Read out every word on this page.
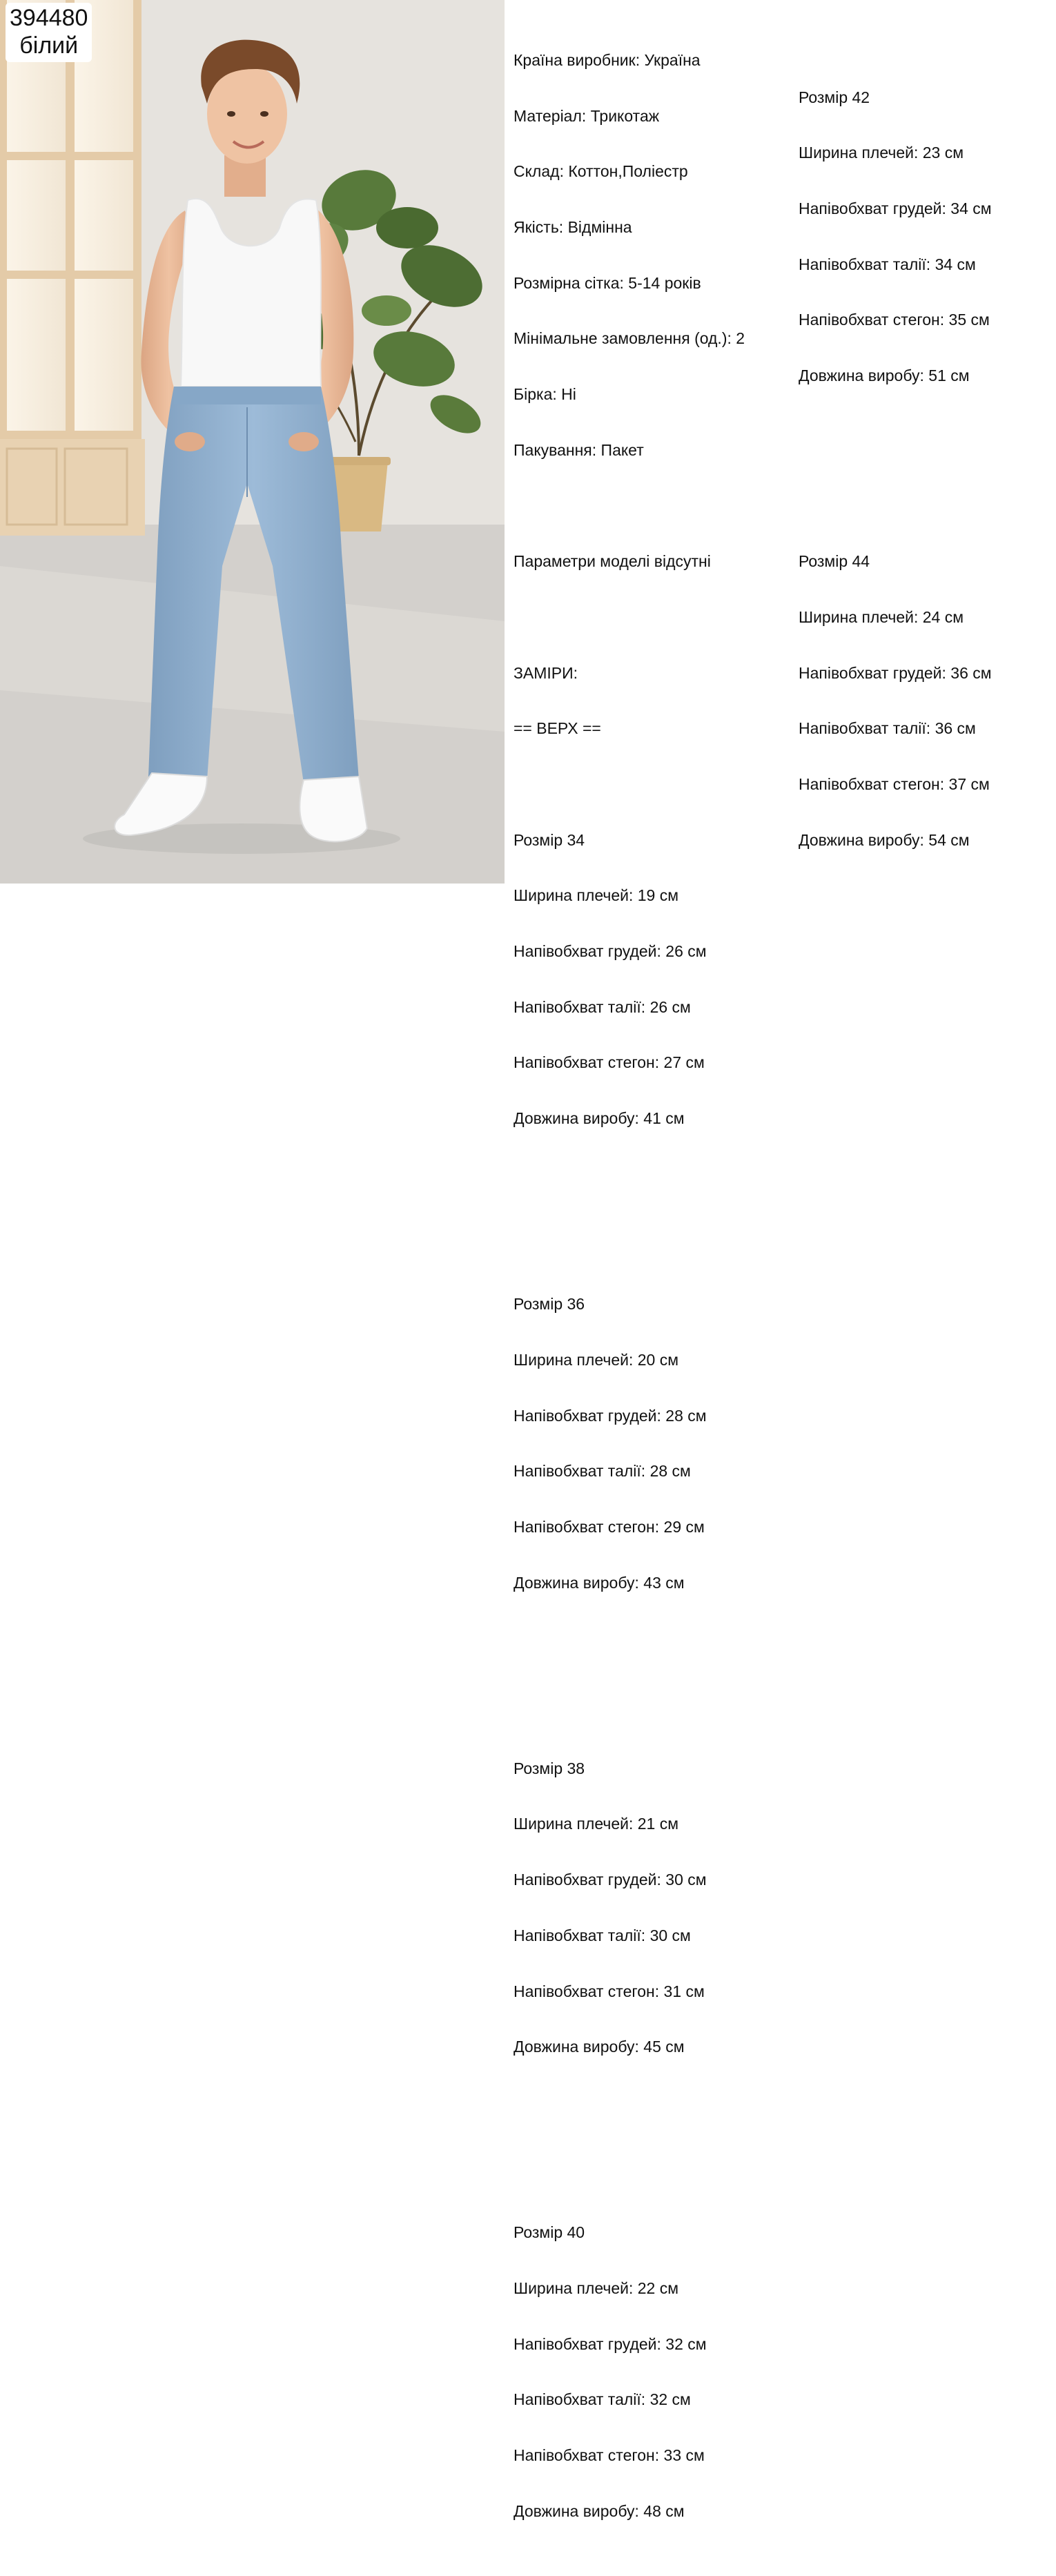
394480
білий

Країна виробник: Україна

Матеріал: Трикотаж

Склад: Коттон,Поліестр

Якість: Відмінна

Розмірна сітка: 5-14 років

Мінімальне замовлення (од.): 2

Бірка: Ні

Пакування: Пакет

Параметри моделі відсутні

ЗАМІРИ:

== ВЕРХ ==

Розмір 34

Ширина плечей: 19 см

Напівобхват грудей: 26 см

Напівобхват талії: 26 см

Напівобхват стегон: 27 см

Довжина виробу: 41 см

Розмір 36

Ширина плечей: 20 см

Напівобхват грудей: 28 см

Напівобхват талії: 28 см

Напівобхват стегон: 29 см

Довжина виробу: 43 см

Розмір 38

Ширина плечей: 21 см

Напівобхват грудей: 30 см

Напівобхват талії: 30 см

Напівобхват стегон: 31 см

Довжина виробу: 45 см

Розмір 40

Ширина плечей: 22 см

Напівобхват грудей: 32 см

Напівобхват талії: 32 см

Напівобхват стегон: 33 см

Довжина виробу: 48 см

Розмір 42

Ширина плечей: 23 см

Напівобхват грудей: 34 см

Напівобхват талії: 34 см

Напівобхват стегон: 35 см

Довжина виробу: 51 см

Розмір 44

Ширина плечей: 24 см

Напівобхват грудей: 36 см

Напівобхват талії: 36 см

Напівобхват стегон: 37 см

Довжина виробу: 54 см
